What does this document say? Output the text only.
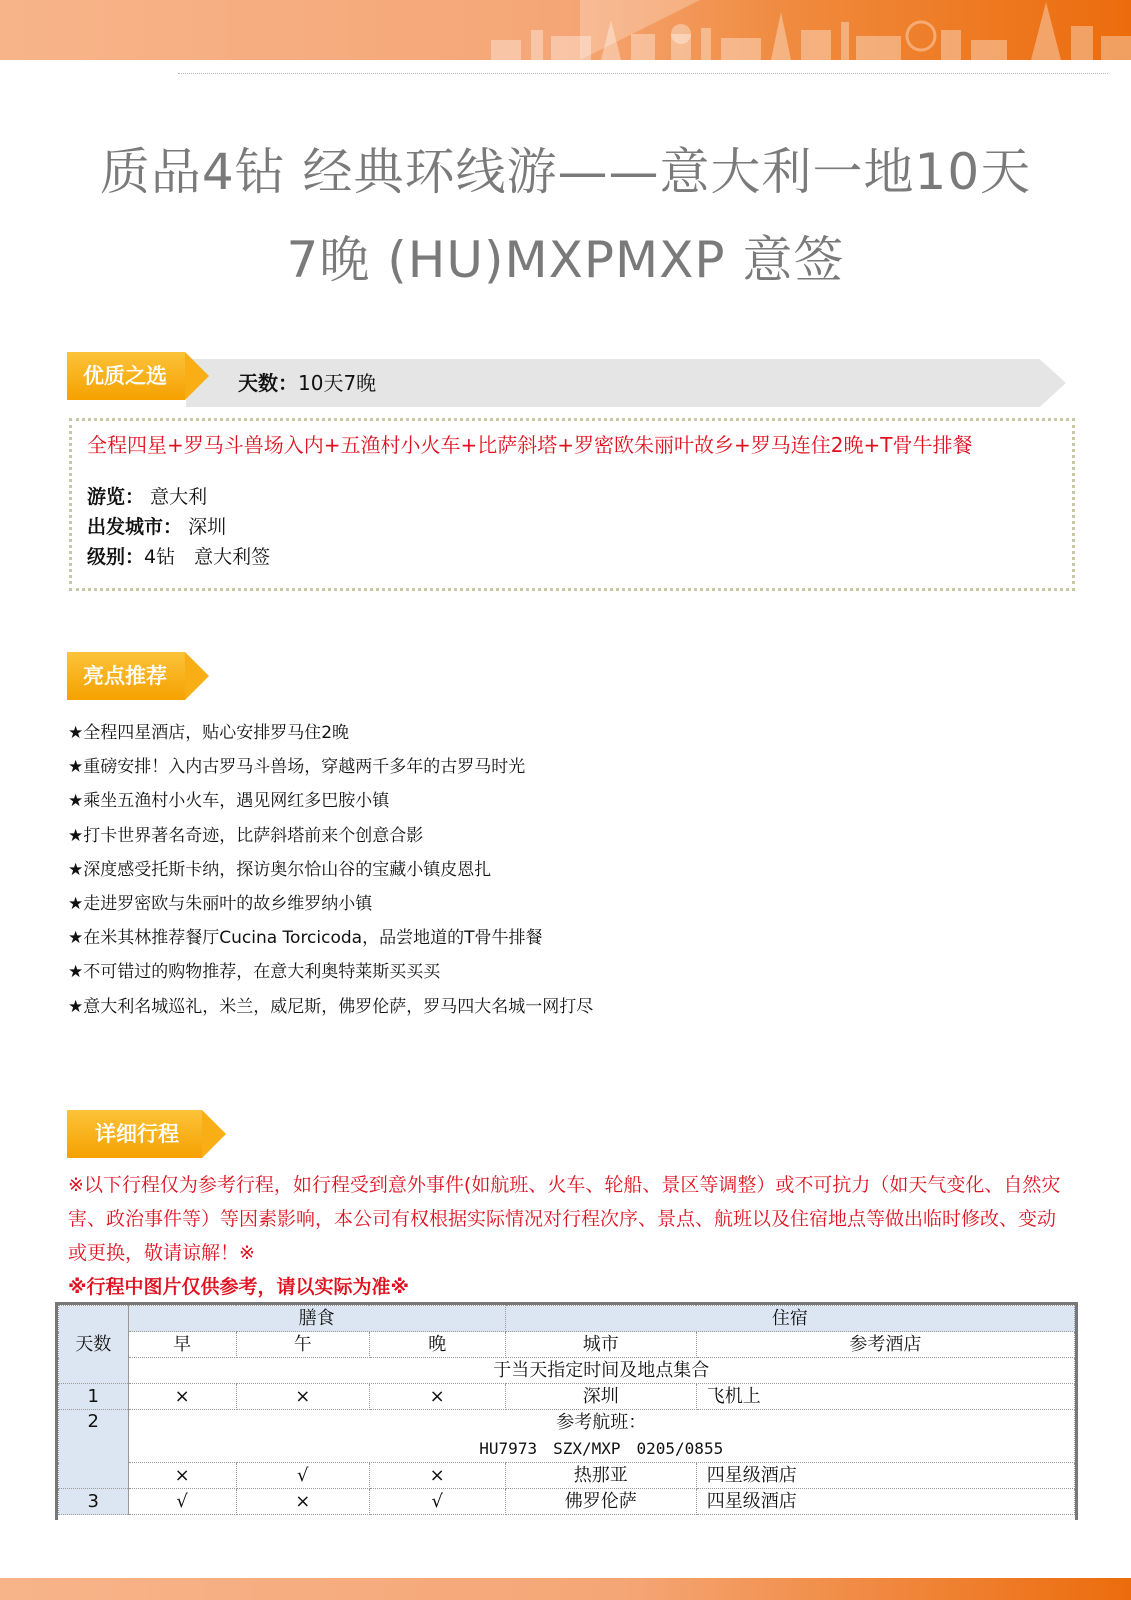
质品4钻 经典环线游——意大利一地10天
7晚 (HU)MXPMXP 意签
优质之选	天数：10天7晚
全程四星+罗马斗兽场入内+五渔村小火车+比萨斜塔+罗密欧朱丽叶故乡+罗马连住2晚+T骨牛排餐
游览： 意大利
出发城市： 深圳
级别：4钻　意大利签
亮点推荐
★全程四星酒店，贴心安排罗马住2晚
★重磅安排！入内古罗马斗兽场，穿越两千多年的古罗马时光
★乘坐五渔村小火车，遇见网红多巴胺小镇
★打卡世界著名奇迹，比萨斜塔前来个创意合影
★深度感受托斯卡纳，探访奥尔恰山谷的宝藏小镇皮恩扎
★走进罗密欧与朱丽叶的故乡维罗纳小镇
★在米其林推荐餐厅Cucina Torcicoda，品尝地道的T骨牛排餐
★不可错过的购物推荐，在意大利奥特莱斯买买买
★意大利名城巡礼，米兰，威尼斯，佛罗伦萨，罗马四大名城一网打尽
详细行程
※以下行程仅为参考行程，如行程受到意外事件(如航班、火车、轮船、景区等调整）或不可抗力（如天气变化、自然灾害、政治事件等）等因素影响，本公司有权根据实际情况对行程次序、景点、航班以及住宿地点等做出临时修改、变动或更换，敬请谅解！※
※行程中图片仅供参考，请以实际为准※
天数	膳食			住宿	
	早	午	晚	城市	参考酒店
	于当天指定时间及地点集合				
1	×	×	×	深圳	飞机上
2	参考航班：
HU7973　SZX/MXP　0205/0855				

	×	√	×	热那亚	四星级酒店
3	√	×	√	佛罗伦萨	四星级酒店
